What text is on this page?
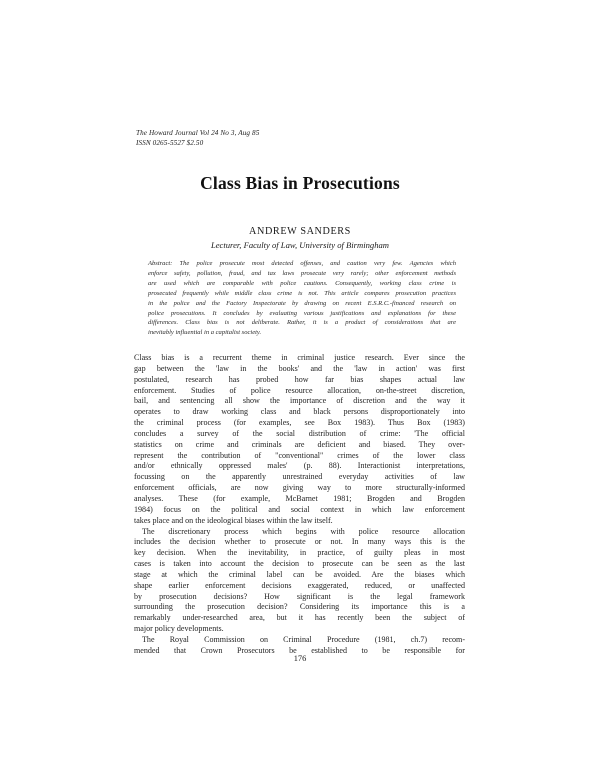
The Howard Journal Vol 24 No 3, Aug 85
ISSN 0265-5527 $2.50
Class Bias in Prosecutions
ANDREW SANDERS
Lecturer, Faculty of Law, University of Birmingham
Abstract: The police prosecute most detected offenses, and caution very few. Agencies which
enforce safety, pollution, fraud, and tax laws prosecute very rarely; other enforcement methods
are used which are comparable with police cautions. Consequently, working class crime is
prosecuted frequently while middle class crime is not. This article compares prosecution practices
in the police and the Factory Inspectorate by drawing on recent E.S.R.C.-financed research on
police prosecutions. It concludes by evaluating various justifications and explanations for these
differences. Class bias is not deliberate. Rather, it is a product of considerations that are
inevitably influential in a capitalist society.
Class bias is a recurrent theme in criminal justice research. Ever since the
gap between the 'law in the books' and the 'law in action' was first
postulated, research has probed how far bias shapes actual law
enforcement. Studies of police resource allocation, on-the-street discretion,
bail, and sentencing all show the importance of discretion and the way it
operates to draw working class and black persons disproportionately into
the criminal process (for examples, see Box 1983). Thus Box (1983)
concludes a survey of the social distribution of crime: 'The official
statistics on crime and criminals are deficient and biased. They over-
represent the contribution of "conventional" crimes of the lower class
and/or ethnically oppressed males' (p. 88). Interactionist interpretations,
focussing on the apparently unrestrained everyday activities of law
enforcement officials, are now giving way to more structurally-informed
analyses. These (for example, McBarnet 1981; Brogden and Brogden
1984) focus on the political and social context in which law enforcement
takes place and on the ideological biases within the law itself.
The discretionary process which begins with police resource allocation
includes the decision whether to prosecute or not. In many ways this is the
key decision. When the inevitability, in practice, of guilty pleas in most
cases is taken into account the decision to prosecute can be seen as the last
stage at which the criminal label can be avoided. Are the biases which
shape earlier enforcement decisions exaggerated, reduced, or unaffected
by prosecution decisions? How significant is the legal framework
surrounding the prosecution decision? Considering its importance this is a
remarkably under-researched area, but it has recently been the subject of
major policy developments.
The Royal Commission on Criminal Procedure (1981, ch.7) recom-
mended that Crown Prosecutors be established to be responsible for
176
